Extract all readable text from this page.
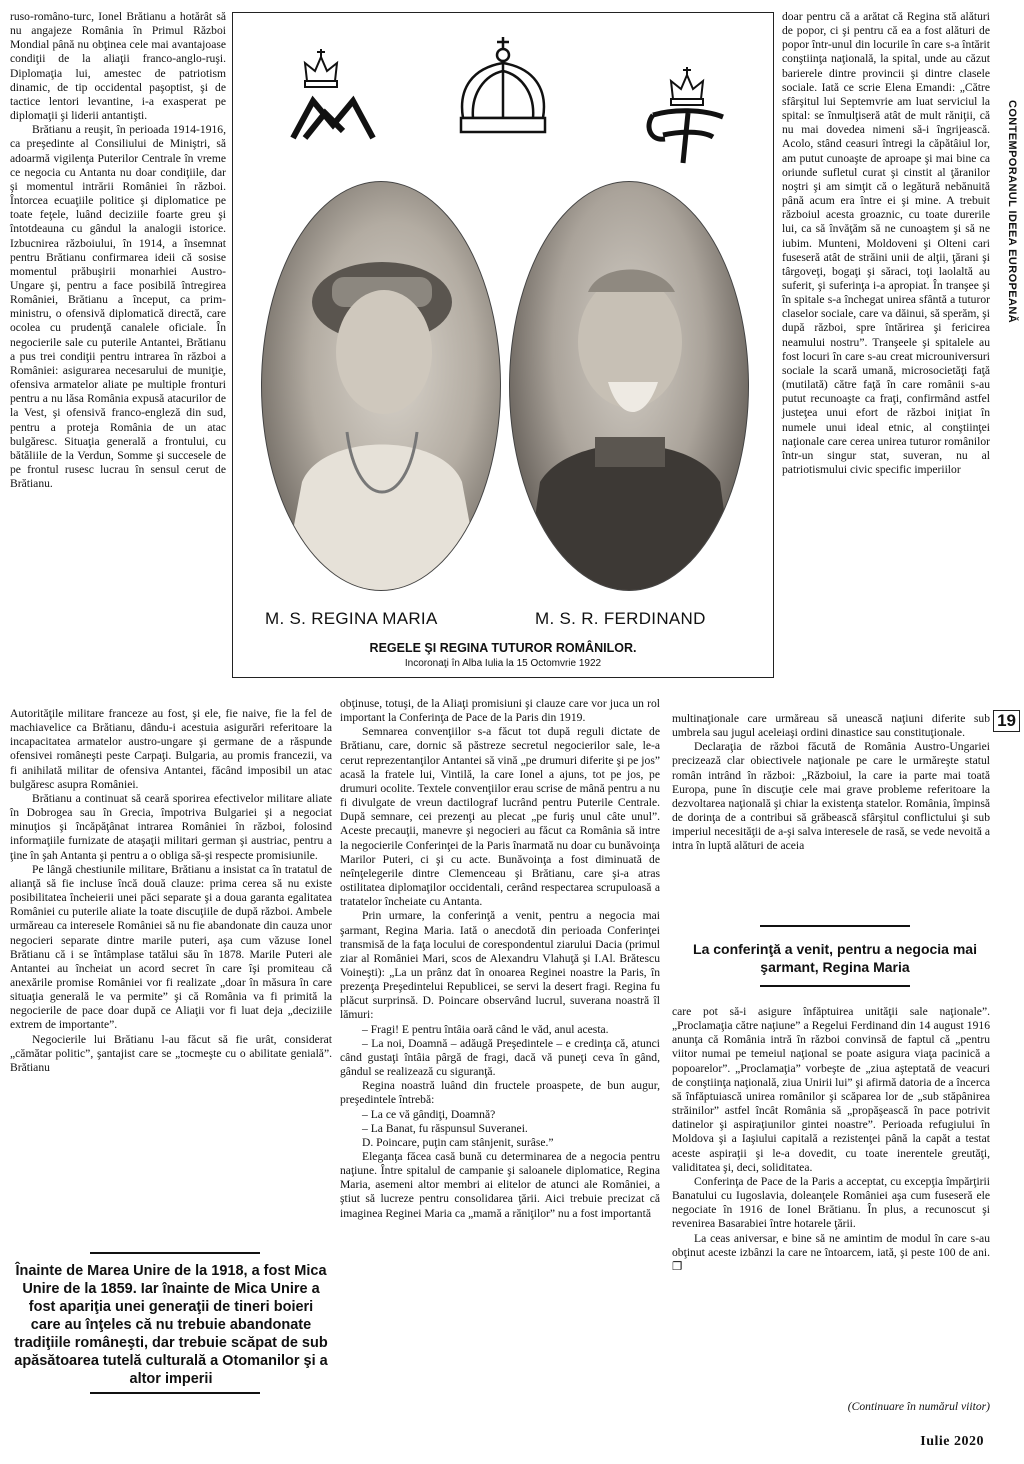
CONTEMPORANUL IDEEA EUROPEANĂ
19

ruso-româno-turc, Ionel Brătianu a hotărât să nu angajeze România în Primul Război Mondial până nu obţinea cele mai avantajoase condiţii de la aliaţii franco-anglo-ruşi. Diplomaţia lui, amestec de patriotism dinamic, de tip occidental paşoptist, şi de tactice lentori levantine, i-a exasperat pe diplomaţii şi liderii antantişti.

Brătianu a reuşit, în perioada 1914-1916, ca preşedinte al Consiliului de Miniştri, să adoarmă vigilenţa Puterilor Centrale în vreme ce negocia cu Antanta nu doar condiţiile, dar şi momentul intrării României în război. Întorcea ecuaţiile politice şi diplomatice pe toate feţele, luând deciziile foarte greu şi întotdeauna cu gândul la analogii istorice. Izbucnirea războiului, în 1914, a însemnat pentru Brătianu confirmarea ideii că sosise momentul prăbuşirii monarhiei Austro-Ungare şi, pentru a face posibilă întregirea României, Brătianu a început, ca prim-ministru, o ofensivă diplomatică directă, care ocolea cu prudenţă canalele oficiale. În negocierile sale cu puterile Antantei, Brătianu a pus trei condiţii pentru intrarea în război a României: asigurarea necesarului de muniţie, ofensiva armatelor aliate pe multiple fronturi pentru a nu lăsa România expusă atacurilor de la Vest, şi ofensivă franco-engleză din sud, pentru a proteja România de un atac bulgăresc. Situaţia generală a frontului, cu bătăliile de la Verdun, Somme şi succesele de pe frontul rusesc lucrau în sensul cerut de Brătianu.

M. S. REGINA MARIA	M. S. R. FERDINAND
REGELE ŞI REGINA TUTUROR ROMÂNILOR.
Incoronaţi în Alba Iulia la 15 Octomvrie 1922

Autorităţile militare franceze au fost, şi ele, fie naive, fie la fel de machiavelice ca Brătianu, dându-i acestuia asigurări referitoare la incapacitatea armatelor austro-ungare şi germane de a răspunde ofensivei româneşti peste Carpaţi. Bulgaria, au promis francezii, va fi anihilată militar de ofensiva Antantei, făcând imposibil un atac bulgăresc asupra României.

Brătianu a continuat să ceară sporirea efectivelor militare aliate în Dobrogea sau în Grecia, împotriva Bulgariei şi a negociat minuţios şi încăpăţânat intrarea României în război, folosind informaţiile furnizate de ataşaţii militari german şi austriac, pentru a ţine în şah Antanta şi pentru a o obliga să-şi respecte promisiunile.

Pe lângă chestiunile militare, Brătianu a insistat ca în tratatul de alianţă să fie incluse încă două clauze: prima cerea să nu existe posibilitatea încheierii unei păci separate şi a doua garanta egalitatea României cu puterile aliate la toate discuţiile de după război. Ambele urmăreau ca interesele României să nu fie abandonate din cauza unor negocieri separate dintre marile puteri, aşa cum văzuse Ionel Brătianu că i se întâmplase tatălui său în 1878. Marile Puteri ale Antantei au încheiat un acord secret în care îşi promiteau că anexările promise României vor fi realizate „doar în măsura în care situaţia generală le va permite” şi că România va fi primită la negocierile de pace doar după ce Aliaţii vor fi luat deja „deciziile extrem de importante”.

Negocierile lui Brătianu l-au făcut să fie urât, considerat „cămătar politic”, şantajist care se „tocmeşte cu o abilitate genială”. Brătianu

Înainte de Marea Unire de la 1918, a fost Mica Unire de la 1859. Iar înainte de Mica Unire a fost apariţia unei generaţii de tineri boieri care au înţeles că nu trebuie abandonate tradiţiile româneşti, dar trebuie scăpat de sub apăsătoarea tutelă culturală a Otomanilor şi a altor imperii

obţinuse, totuşi, de la Aliaţi promisiuni şi clauze care vor juca un rol important la Conferinţa de Pace de la Paris din 1919.

Semnarea convenţiilor s-a făcut tot după reguli dictate de Brătianu, care, dornic să păstreze secretul negocierilor sale, le-a cerut reprezentanţilor Antantei să vină „pe drumuri diferite şi pe jos” acasă la fratele lui, Vintilă, la care Ionel a ajuns, tot pe jos, pe drumuri ocolite. Textele convenţiilor erau scrise de mână pentru a nu fi divulgate de vreun dactilograf lucrând pentru Puterile Centrale. După semnare, cei prezenţi au plecat „pe furiş unul câte unul”. Aceste precauţii, manevre şi negocieri au făcut ca România să intre la negocierile Conferinţei de la Paris înarmată nu doar cu bunăvoinţa Marilor Puteri, ci şi cu acte. Bunăvoinţa a fost diminuată de neînţelegerile dintre Clemenceau şi Brătianu, care şi-a atras ostilitatea diplomaţilor occidentali, cerând respectarea scrupuloasă a tratatelor încheiate cu Antanta.

Prin urmare, la conferinţă a venit, pentru a negocia mai şarmant, Regina Maria. Iată o anecdotă din perioada Conferinţei transmisă de la faţa locului de corespondentul ziarului Dacia (primul ziar al României Mari, scos de Alexandru Vlahuţă şi I.Al. Brătescu Voineşti): „La un prânz dat în onoarea Reginei noastre la Paris, în prezenţa Preşedintelui Republicei, se servi la desert fragi. Regina fu plăcut surprinsă. D. Poincare observând lucrul, suverana noastră îl lămuri:

– Fragi! E pentru întâia oară când le văd, anul acesta.

– La noi, Doamnă – adăugă Preşedintele – e credinţa că, atunci când gustaţi întâia pârgă de fragi, dacă vă puneţi ceva în gând, gândul se realizează cu siguranţă.

Regina noastră luând din fructele proaspete, de bun augur, preşedintele întrebă:

– La ce vă gândiţi, Doamnă?

– La Banat, fu răspunsul Suveranei.

D. Poincare, puţin cam stânjenit, surâse.”

Eleganţa făcea casă bună cu determinarea de a negocia pentru naţiune. Între spitalul de campanie şi saloanele diplomatice, Regina Maria, asemeni altor membri ai elitelor de atunci ale României, a ştiut să lucreze pentru consolidarea ţării. Aici trebuie precizat că imaginea Reginei Maria ca „mamă a răniţilor” nu a fost importantă

doar pentru că a arătat că Regina stă alături de popor, ci şi pentru că ea a fost alături de popor într-unul din locurile în care s-a întărit conştiinţa naţională, la spital, unde au căzut barierele dintre provincii şi dintre clasele sociale. Iată ce scrie Elena Emandi: „Către sfârşitul lui Septemvrie am luat serviciul la spital: se înmulţiseră atât de mult răniţii, că nu mai dovedea nimeni să-i îngrijească. Acolo, stând ceasuri întregi la căpătâiul lor, am putut cunoaşte de aproape şi mai bine ca oriunde sufletul curat şi cinstit al ţăranilor noştri şi am simţit că o legătură nebănuită până acum era între ei şi mine. A trebuit războiul acesta groaznic, cu toate durerile lui, ca să învăţăm să ne cunoaştem şi să ne iubim. Munteni, Moldoveni şi Olteni cari fuseseră atât de străini unii de alţii, ţărani şi târgoveţi, bogaţi şi săraci, toţi laolaltă au suferit, şi suferinţa i-a apropiat. În tranşee şi în spitale s-a închegat unirea sfântă a tuturor claselor sociale, care va dăinui, să sperăm, şi după război, spre întărirea şi fericirea neamului nostru”. Tranşeele şi spitalele au fost locuri în care s-au creat microuniversuri sociale la scară umană, microsocietăţi faţă (mutilată) către faţă în care românii s-au putut recunoaşte ca fraţi, confirmând astfel justeţea unui efort de război iniţiat în numele unui ideal etnic, al conştiinţei naţionale care cerea unirea tuturor românilor într-un singur stat, suveran, nu al patriotismului civic specific imperiilor

multinaţionale care urmăreau să unească naţiuni diferite sub umbrela sau jugul aceleiaşi ordini dinastice sau constituţionale.

Declaraţia de război făcută de România Austro-Ungariei precizează clar obiectivele naţionale pe care le urmăreşte statul român intrând în război: „Războiul, la care ia parte mai toată Europa, pune în discuţie cele mai grave probleme referitoare la dezvoltarea naţională şi chiar la existenţa statelor. România, împinsă de dorinţa de a contribui să grăbească sfârşitul conflictului şi sub imperiul necesităţii de a-şi salva interesele de rasă, se vede nevoită a intra în luptă alături de aceia

La conferinţă a venit, pentru a negocia mai şarmant, Regina Maria

care pot să-i asigure înfăptuirea unităţii sale naţionale”. „Proclamaţia către naţiune” a Regelui Ferdinand din 14 august 1916 anunţa că România intră în război convinsă de faptul că „pentru viitor numai pe temeiul naţional se poate asigura viaţa pacinică a popoarelor”. „Proclamaţia” vorbeşte de „ziua aşteptată de veacuri de conştiinţa naţională, ziua Unirii lui” şi afirmă datoria de a încerca să înfăptuiască unirea românilor şi scăparea lor de „sub stăpânirea străinilor” astfel încât România să „propăşească în pace potrivit datinelor şi aspiraţiunilor gintei noastre”. Perioada refugiului în Moldova şi a Iaşiului capitală a rezistenţei până la capăt a testat aceste aspiraţii şi le-a dovedit, cu toate inerentele greutăţi, validitatea şi, deci, soliditatea.

Conferinţa de Pace de la Paris a acceptat, cu excepţia împărţirii Banatului cu Iugoslavia, doleanţele României aşa cum fuseseră ele negociate în 1916 de Ionel Brătianu. În plus, a recunoscut şi revenirea Basarabiei între hotarele ţării.

La ceas aniversar, e bine să ne amintim de modul în care s-au obţinut aceste izbânzi la care ne întoarcem, iată, şi peste 100 de ani. ❐

(Continuare în numărul viitor)

Iulie 2020
